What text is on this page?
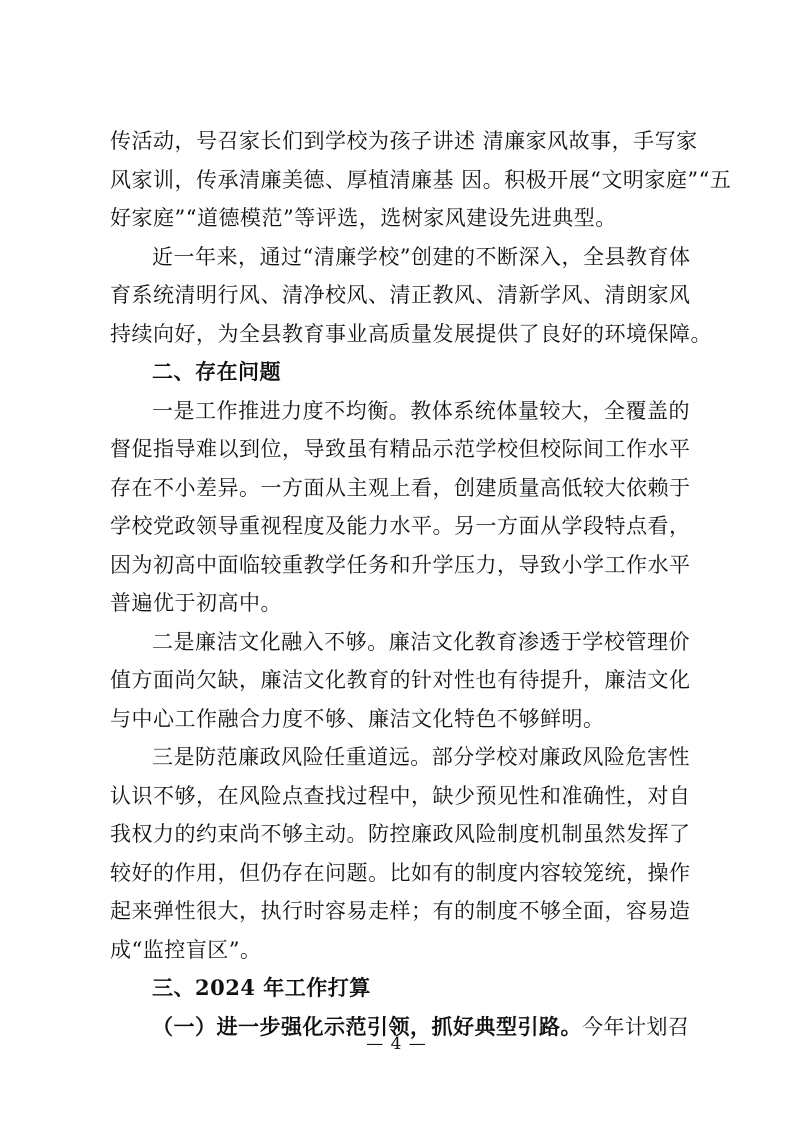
传活动，号召家长们到学校为孩子讲述 清廉家风故事，手写家
风家训，传承清廉美德、厚植清廉基 因。积极开展“文明家庭”“五
好家庭”“道德模范”等评选，选树家风建设先进典型。
近一年来，通过“清廉学校”创建的不断深入，全县教育体
育系统清明行风、清净校风、清正教风、清新学风、清朗家风
持续向好，为全县教育事业高质量发展提供了良好的环境保障。
二、存在问题
一是工作推进力度不均衡。教体系统体量较大，全覆盖的
督促指导难以到位，导致虽有精品示范学校但校际间工作水平
存在不小差异。一方面从主观上看，创建质量高低较大依赖于
学校党政领导重视程度及能力水平。另一方面从学段特点看，
因为初高中面临较重教学任务和升学压力，导致小学工作水平
普遍优于初高中。
二是廉洁文化融入不够。廉洁文化教育渗透于学校管理价
值方面尚欠缺，廉洁文化教育的针对性也有待提升，廉洁文化
与中心工作融合力度不够、廉洁文化特色不够鲜明。
三是防范廉政风险任重道远。部分学校对廉政风险危害性
认识不够，在风险点查找过程中，缺少预见性和准确性，对自
我权力的约束尚不够主动。防控廉政风险制度机制虽然发挥了
较好的作用，但仍存在问题。比如有的制度内容较笼统，操作
起来弹性很大，执行时容易走样；有的制度不够全面，容易造
成“监控盲区”。
三、2024 年工作打算
（一）进一步强化示范引领，抓好典型引路。今年计划召
— 4 —
